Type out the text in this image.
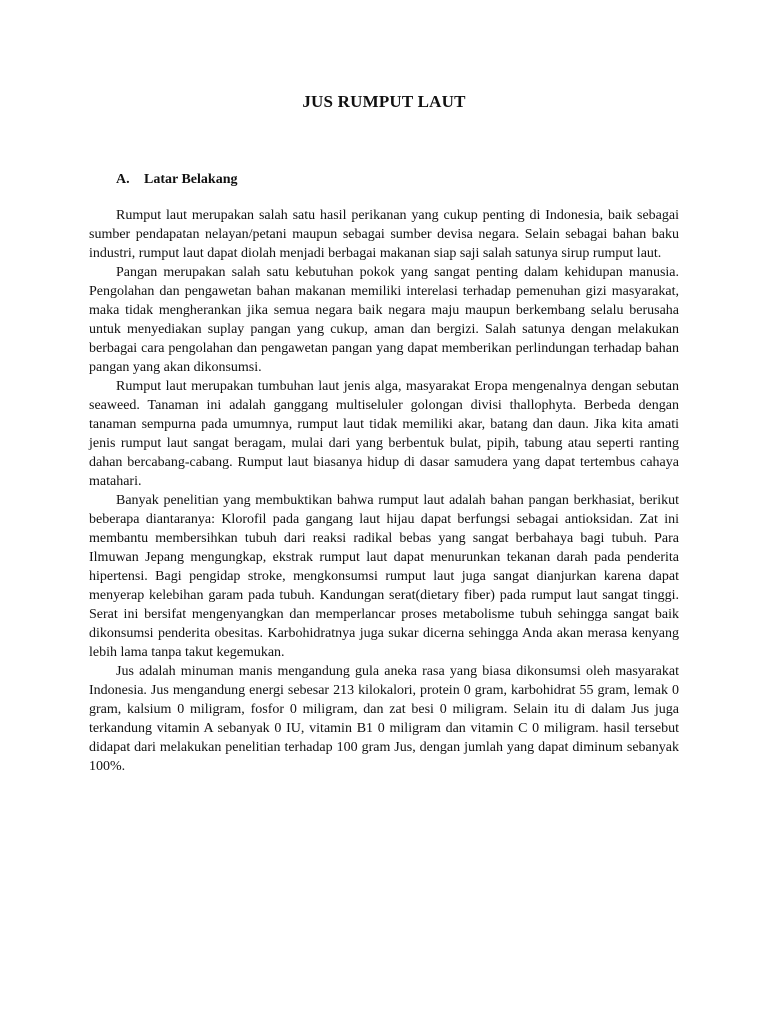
JUS RUMPUT LAUT
A. Latar Belakang

Rumput laut merupakan salah satu hasil perikanan yang cukup penting di Indonesia, baik sebagai sumber pendapatan nelayan/petani maupun sebagai sumber devisa negara. Selain sebagai bahan baku industri, rumput laut dapat diolah menjadi berbagai makanan siap saji salah satunya sirup rumput laut.

Pangan merupakan salah satu kebutuhan pokok yang sangat penting dalam kehidupan manusia. Pengolahan dan pengawetan bahan makanan memiliki interelasi terhadap pemenuhan gizi masyarakat, maka tidak mengherankan jika semua negara baik negara maju maupun berkembang selalu berusaha untuk menyediakan suplay pangan yang cukup, aman dan bergizi. Salah satunya dengan melakukan berbagai cara pengolahan dan pengawetan pangan yang dapat memberikan perlindungan terhadap bahan pangan yang akan dikonsumsi.

Rumput laut merupakan tumbuhan laut jenis alga, masyarakat Eropa mengenalnya dengan sebutan seaweed. Tanaman ini adalah ganggang multiseluler golongan divisi thallophyta. Berbeda dengan tanaman sempurna pada umumnya, rumput laut tidak memiliki akar, batang dan daun. Jika kita amati jenis rumput laut sangat beragam, mulai dari yang berbentuk bulat, pipih, tabung atau seperti ranting dahan bercabang-cabang. Rumput laut biasanya hidup di dasar samudera yang dapat tertembus cahaya matahari.

Banyak penelitian yang membuktikan bahwa rumput laut adalah bahan pangan berkhasiat, berikut beberapa diantaranya: Klorofil pada gangang laut hijau dapat berfungsi sebagai antioksidan. Zat ini membantu membersihkan tubuh dari reaksi radikal bebas yang sangat berbahaya bagi tubuh. Para Ilmuwan Jepang mengungkap, ekstrak rumput laut dapat menurunkan tekanan darah pada penderita hipertensi. Bagi pengidap stroke, mengkonsumsi rumput laut juga sangat dianjurkan karena dapat menyerap kelebihan garam pada tubuh. Kandungan serat(dietary fiber) pada rumput laut sangat tinggi. Serat ini bersifat mengenyangkan dan memperlancar proses metabolisme tubuh sehingga sangat baik dikonsumsi penderita obesitas. Karbohidratnya juga sukar dicerna sehingga Anda akan merasa kenyang lebih lama tanpa takut kegemukan.

Jus adalah minuman manis mengandung gula aneka rasa yang biasa dikonsumsi oleh masyarakat Indonesia. Jus mengandung energi sebesar 213 kilokalori, protein 0 gram, karbohidrat 55 gram, lemak 0 gram, kalsium 0 miligram, fosfor 0 miligram, dan zat besi 0 miligram. Selain itu di dalam Jus juga terkandung vitamin A sebanyak 0 IU, vitamin B1 0 miligram dan vitamin C 0 miligram. hasil tersebut didapat dari melakukan penelitian terhadap 100 gram Jus, dengan jumlah yang dapat diminum sebanyak 100%.
